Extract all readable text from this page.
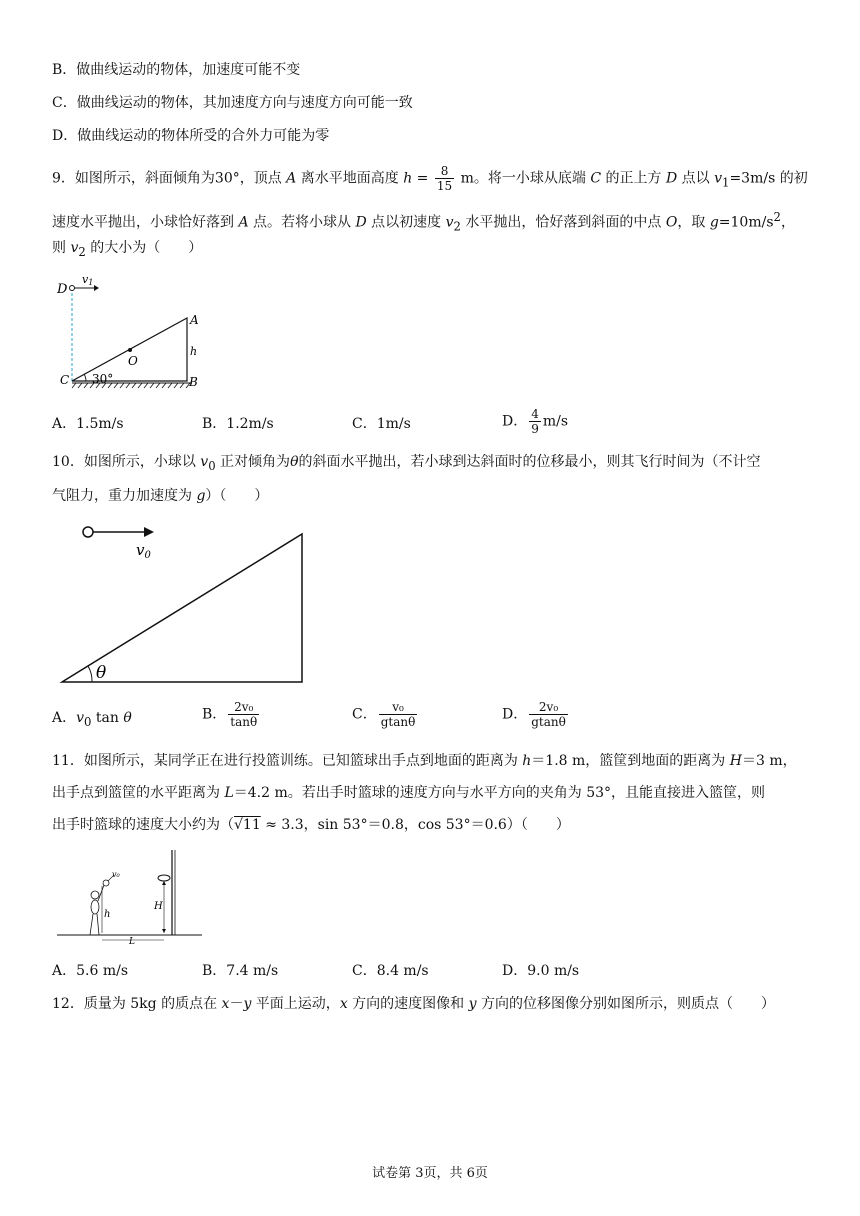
B．做曲线运动的物体，加速度可能不变
C．做曲线运动的物体，其加速度方向与速度方向可能一致
D．做曲线运动的物体所受的合外力可能为零
9．如图所示，斜面倾角为30°，顶点 A 离水平地面高度 $h = \frac{8}{15}$ m。将一小球从底端 C 的正上方 D 点以 $v_1=3m/s$ 的初
速度水平抛出，小球恰好落到 A 点。若将小球从 D 点以初速度 $v_2$ 水平抛出，恰好落到斜面的中点 O，取 $g=10m/s^2$，
则 $v_2$ 的大小为（　　）
D
v1
A
O
h
C 30°	B
A．1.5m/s	B．1.2m/s	C．1m/s	D． $\frac{4}{9} m/s$
10．如图所示，小球以 $v_0$ 正对倾角为θ的斜面水平抛出，若小球到达斜面时的位移最小，则其飞行时间为（不计空
气阻力，重力加速度为 g）（　　）
$v_0$
θ
A．$v_0$ tan θ	B． $\frac{\text{2v₀}}{\tan\theta}$	C． $\frac{\text{v₀}}{gtan\theta}$	D． $\frac{\text{2v₀}}{gtan\theta}$
11．如图所示，某同学正在进行投篮训练。已知篮球出手点到地面的距离为 h＝1.8 m，篮筐到地面的距离为 H＝3 m，
出手点到篮筐的水平距离为 L＝4.2 m。若出手时篮球的速度方向与水平方向的夹角为 53°，且能直接进入篮筐，则
出手时篮球的速度大小约为（√11 ≈ 3.3，sin 53°＝0.8，cos 53°＝0.6）（　　）
H
v₀
h
L
A．5.6 m/s	B．7.4 m/s	C．8.4 m/s	D．9.0 m/s
12．质量为 5kg 的质点在 x－y 平面上运动，x 方向的速度图像和 y 方向的位移图像分别如图所示，则质点（　　）
试卷第 3页，共 6页
